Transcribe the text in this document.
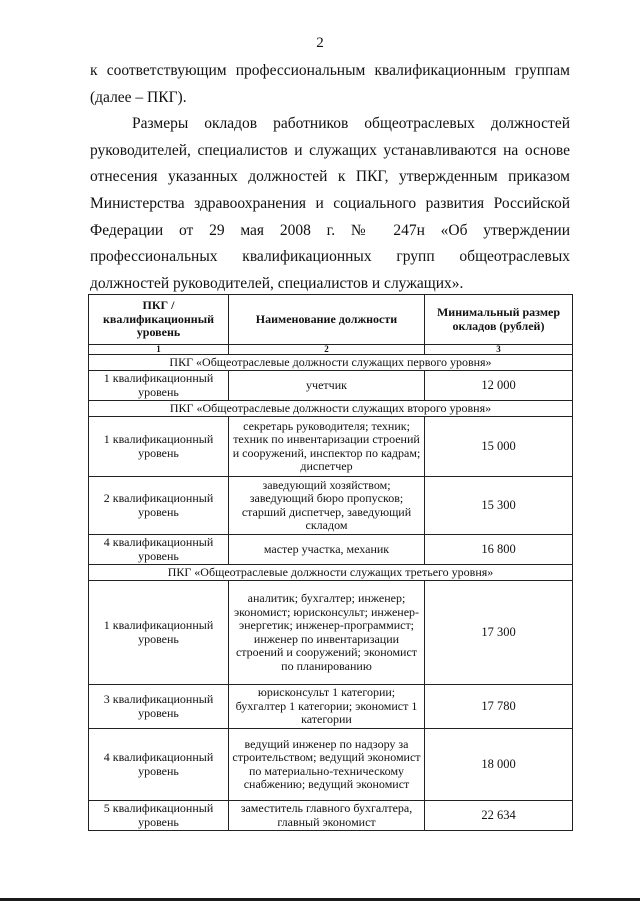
2

к соответствующим профессиональным квалификационным группам (далее – ПКГ).

Размеры окладов работников общеотраслевых должностей руководителей, специалистов и служащих устанавливаются на основе отнесения указанных должностей к ПКГ, утвержденным приказом Министерства здравоохранения и социального развития Российской Федерации от 29 мая 2008 г. № 247н «Об утверждении профессиональных квалификационных групп общеотраслевых должностей руководителей, специалистов и служащих».

ПКГ / квалификационный уровень	Наименование должности	Минимальный размер окладов (рублей)
1	2	3
ПКГ «Общеотраслевые должности служащих первого уровня»		
1 квалификационный уровень	учетчик	12 000
ПКГ «Общеотраслевые должности служащих второго уровня»		
1 квалификационный уровень	секретарь руководителя; техник; техник по инвентаризации строений и сооружений, инспектор по кадрам; диспетчер	15 000
2 квалификационный уровень	заведующий хозяйством; заведующий бюро пропусков; старший диспетчер, заведующий складом	15 300
4 квалификационный уровень	мастер участка, механик	16 800
ПКГ «Общеотраслевые должности служащих третьего уровня»		
1 квалификационный уровень	аналитик; бухгалтер; инженер; экономист; юрисконсульт; инженер-энергетик; инженер-программист; инженер по инвентаризации строений и сооружений; экономист по планированию	17 300
3 квалификационный уровень	юрисконсульт 1 категории; бухгалтер 1 категории; экономист 1 категории	17 780
4 квалификационный уровень	ведущий инженер по надзору за строительством; ведущий экономист по материально-техническому снабжению; ведущий экономист	18 000
5 квалификационный уровень	заместитель главного бухгалтера, главный экономист	22 634
